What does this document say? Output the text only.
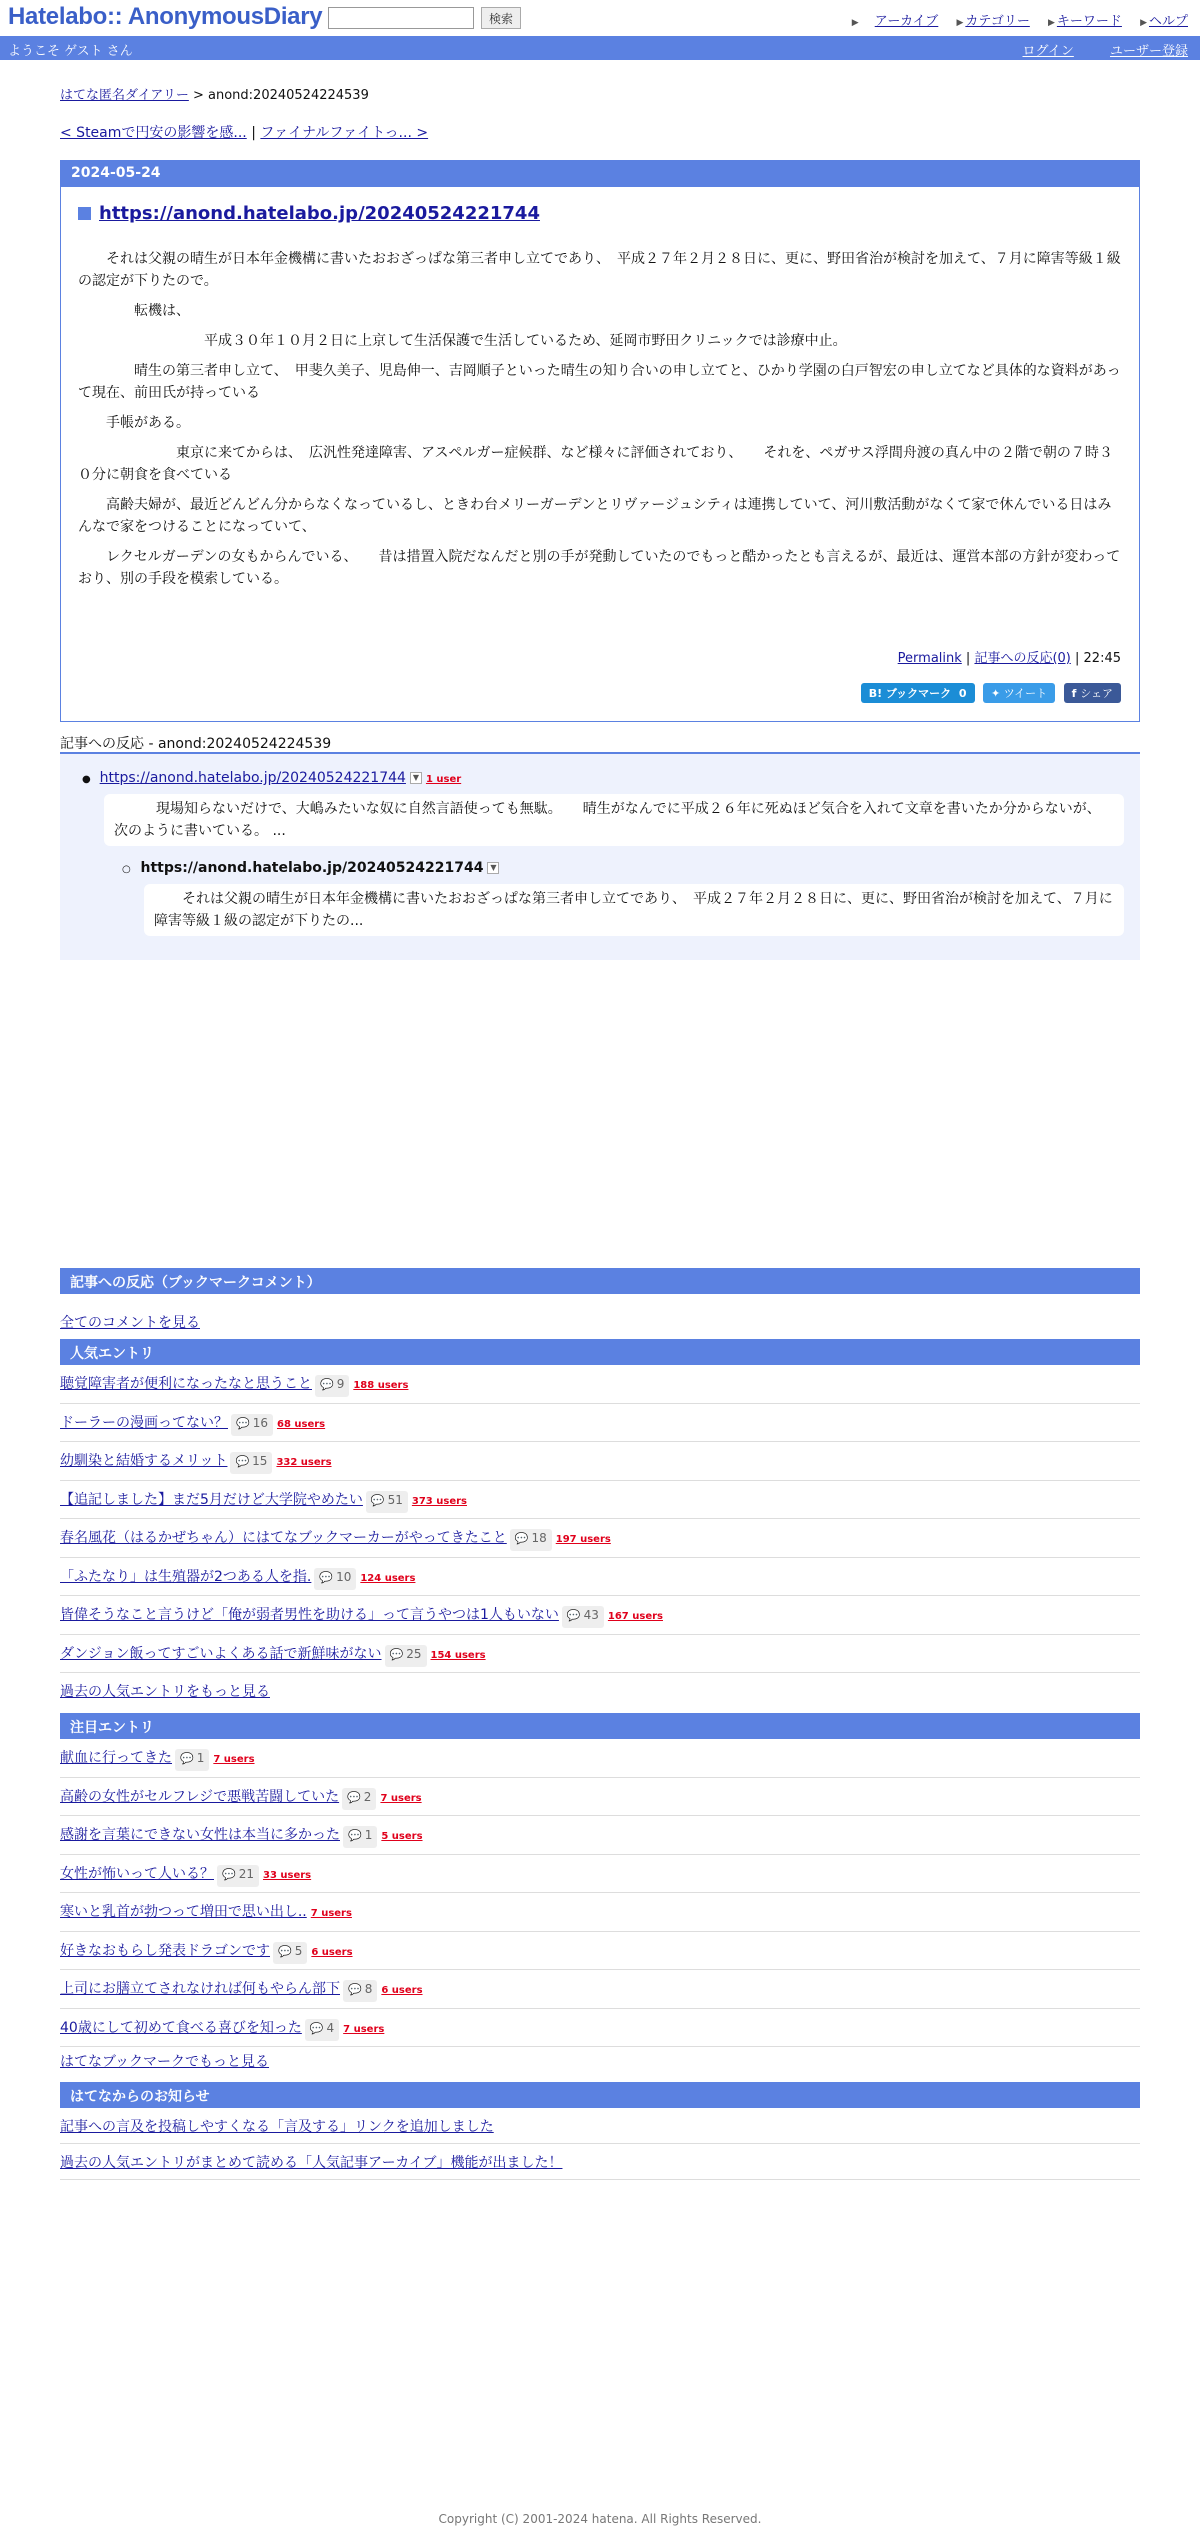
Hatelabo:: AnonymousDiary	検索	▶ アーカイブ ▶ カテゴリー ▶ キーワード ▶ ヘルプ
ようこそ ゲスト さん	ログイン	ユーザー登録
はてな匿名ダイアリー > anond:20240524224539
< Steamで円安の影響を感... | ファイナルファイトっ... >
2024-05-24
https://anond.hatelabo.jp/20240524221744

　　それは父親の晴生が日本年金機構に書いたおおざっぱな第三者申し立てであり、　平成２７年２月２８日に、更に、野田省治が検討を加えて、７月に障害等級１級の認定が下りたので。

　　　　転機は、

　　　　　　　　　平成３０年１０月２日に上京して生活保護で生活しているため、延岡市野田クリニックでは診療中止。

　　　　晴生の第三者申し立て、　甲斐久美子、児島伸一、吉岡順子といった晴生の知り合いの申し立てと、ひかり学園の白戸智宏の申し立てなど具体的な資料があって現在、前田氏が持っている

　　手帳がある。

　　　　　　　東京に来てからは、　広汎性発達障害、アスペルガー症候群、など様々に評価されており、　　それを、ペガサス浮間舟渡の真ん中の２階で朝の７時３０分に朝食を食べている

　　高齢夫婦が、最近どんどん分からなくなっているし、ときわ台メリーガーデンとリヴァージュシティは連携していて、河川敷活動がなくて家で休んでいる日はみんなで家をつけることになっていて、

　　レクセルガーデンの女もからんでいる、　　昔は措置入院だなんだと別の手が発動していたのでもっと酷かったとも言えるが、最近は、運営本部の方針が変わっており、別の手段を模索している。

Permalink | 記事への反応(0) | 22:45
B! ブックマーク 0 ✦ ツイート f シェア
記事への反応 - anond:20240524224539
● https://anond.hatelabo.jp/20240524221744 ▼ 1 user
　　　現場知らないだけで、大嶋みたいな奴に自然言語使っても無駄。　　晴生がなんでに平成２６年に死ぬほど気合を入れて文章を書いたか分からないが、次のように書いている。 ...
○ https://anond.hatelabo.jp/20240524221744 ▼
　　それは父親の晴生が日本年金機構に書いたおおざっぱな第三者申し立てであり、　平成２７年２月２８日に、更に、野田省治が検討を加えて、７月に障害等級１級の認定が下りたの...
記事への反応（ブックマークコメント）
全てのコメントを見る
人気エントリ
聴覚障害者が便利になったなと思うこと 💬 9 188 users
ドーラーの漫画ってない？ 💬 16 68 users
幼馴染と結婚するメリット 💬 15 332 users
【追記しました】まだ5月だけど大学院やめたい 💬 51 373 users
春名風花（はるかぜちゃん）にはてなブックマーカーがやってきたこと 💬 18 197 users
「ふたなり」は生殖器が2つある人を指. 💬 10 124 users
皆偉そうなこと言うけど「俺が弱者男性を助ける」って言うやつは1人もいない 💬 43 167 users
ダンジョン飯ってすごいよくある話で新鮮味がない 💬 25 154 users
過去の人気エントリをもっと見る
注目エントリ
献血に行ってきた 💬 1 7 users
高齢の女性がセルフレジで悪戦苦闘していた 💬 2 7 users
感謝を言葉にできない女性は本当に多かった 💬 1 5 users
女性が怖いって人いる？ 💬 21 33 users
寒いと乳首が勃つって増田で思い出し.. 7 users
好きなおもらし発表ドラゴンです 💬 5 6 users
上司にお膳立てされなければ何もやらん部下 💬 8 6 users
40歳にして初めて食べる喜びを知った 💬 4 7 users
はてなブックマークでもっと見る
はてなからのお知らせ
記事への言及を投稿しやすくなる「言及する」リンクを追加しました
過去の人気エントリがまとめて読める「人気記事アーカイブ」機能が出ました！
Copyright (C) 2001-2024 hatena. All Rights Reserved.
